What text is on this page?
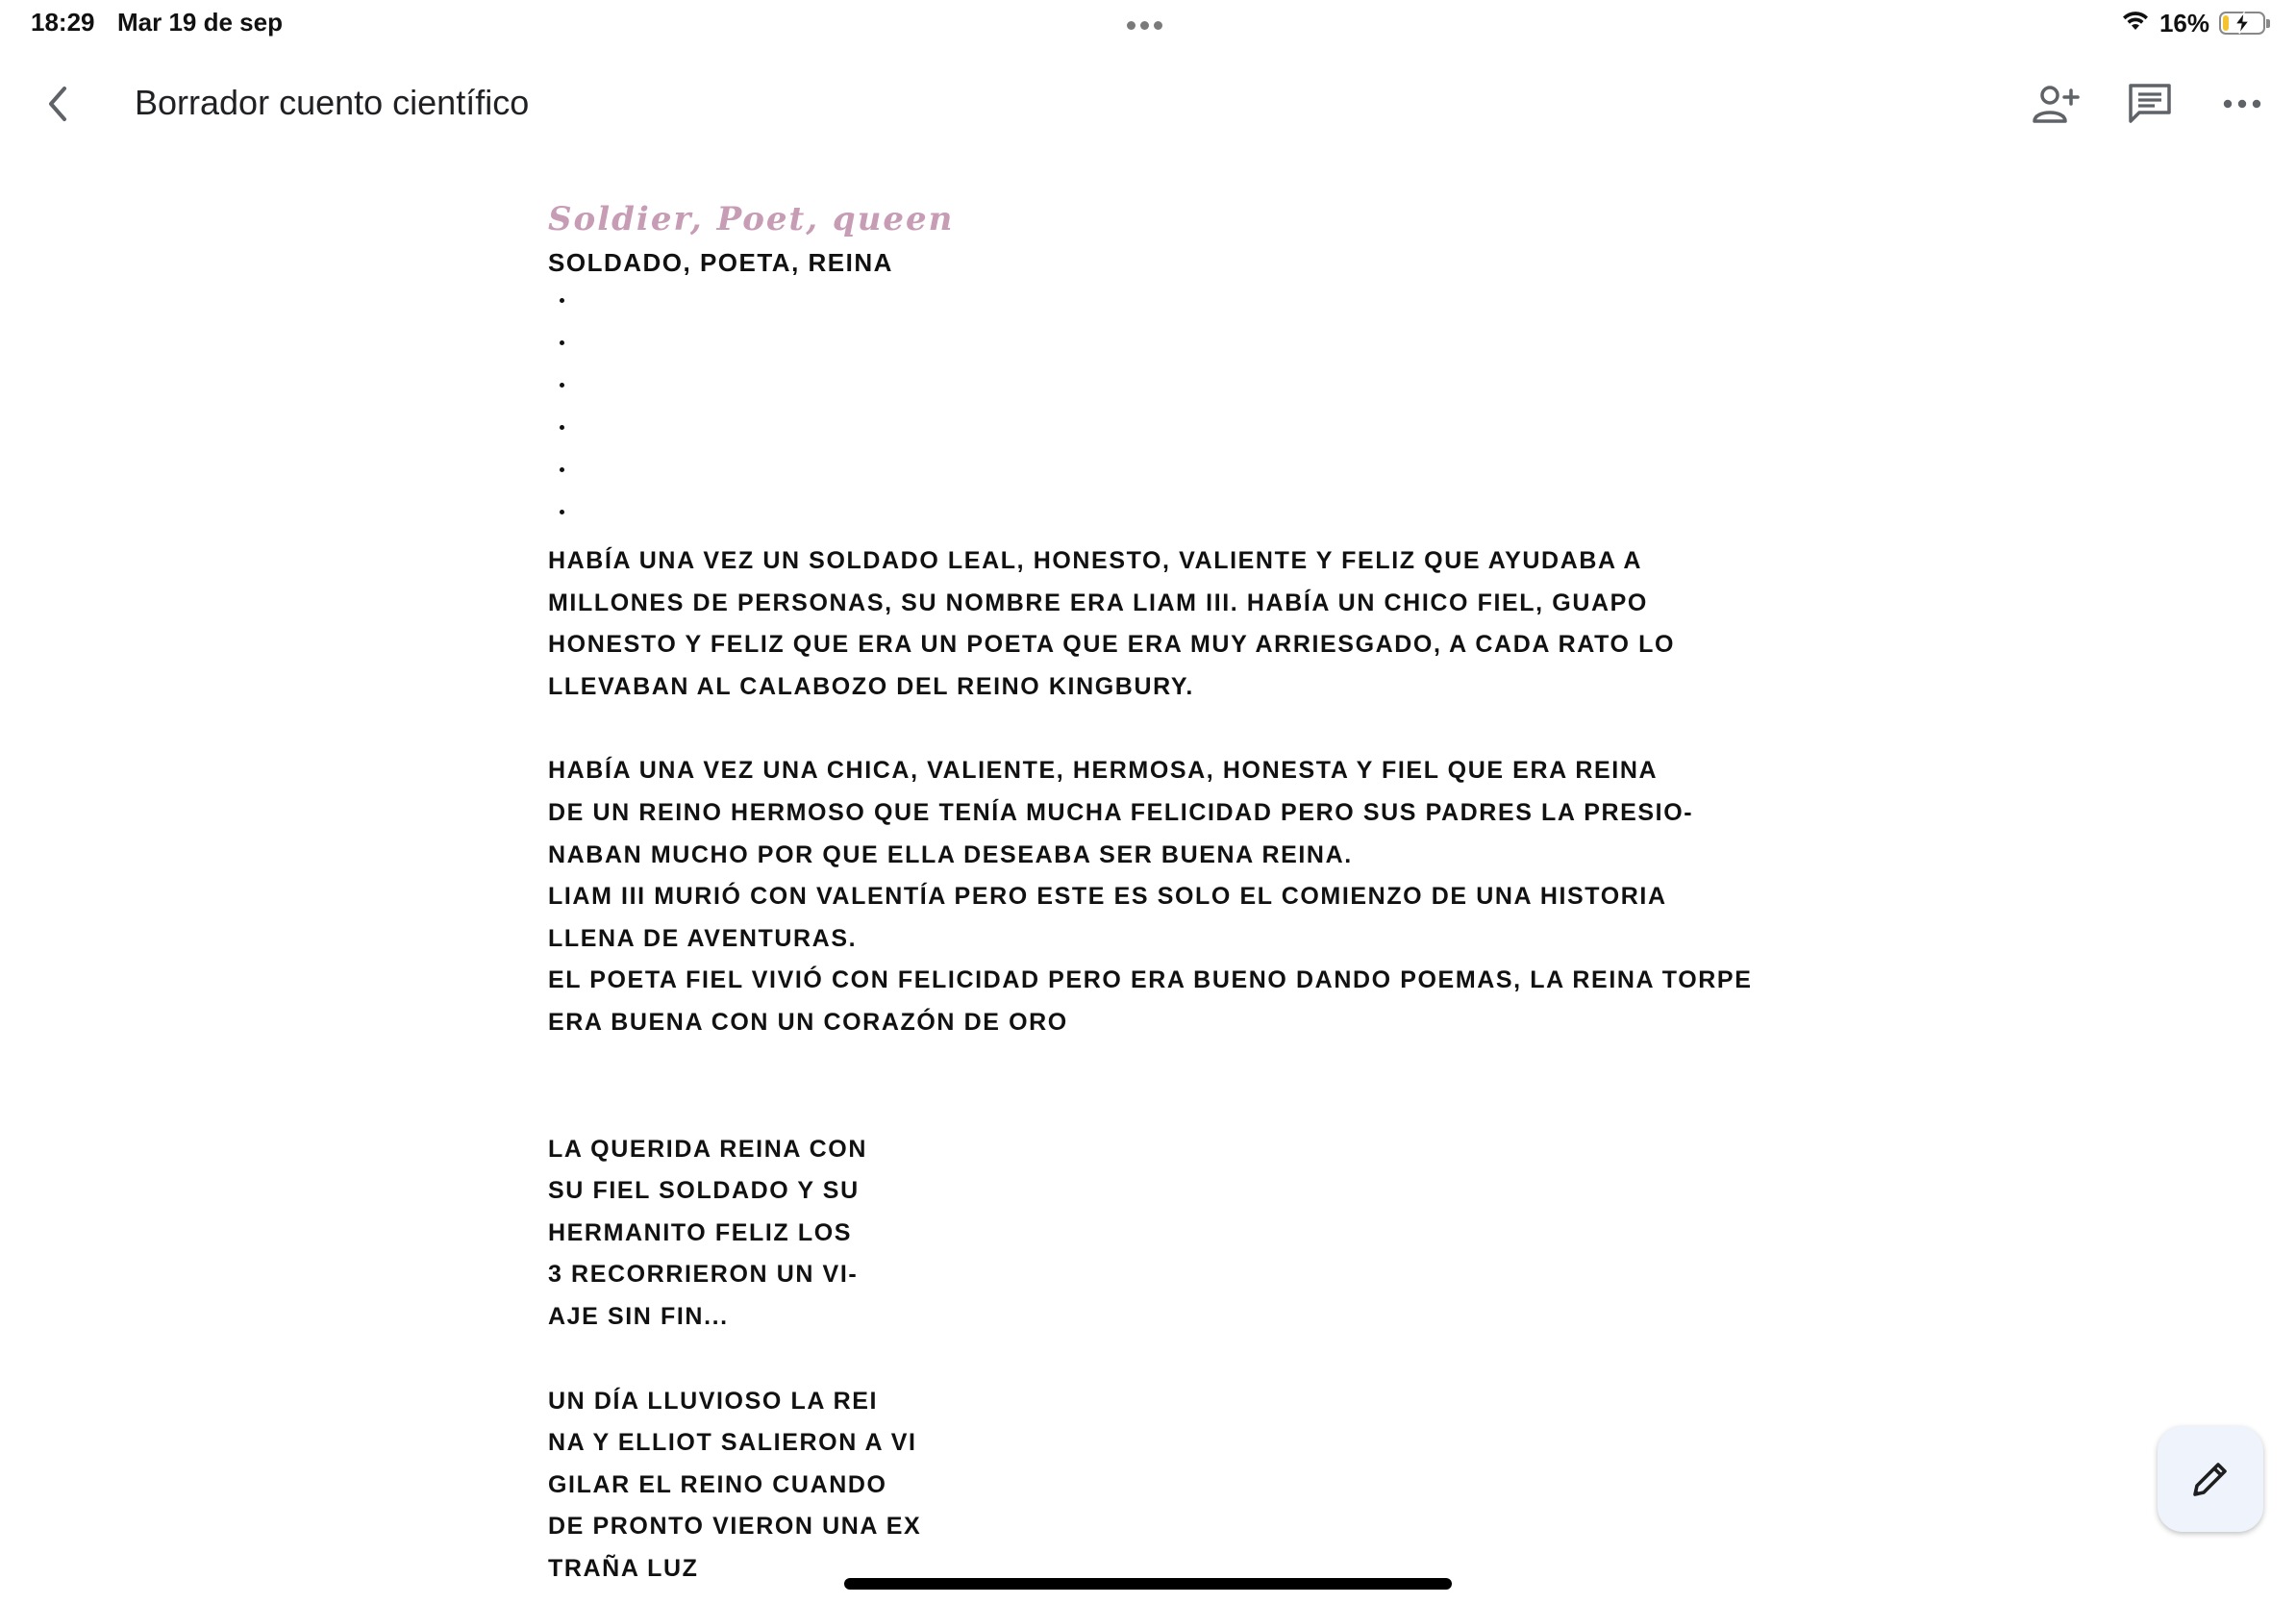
18:29 Mar 19 de sep	16%
Borrador cuento científico
Soldier, Poet, queen
SOLDADO, POETA, REINA

HABÍA UNA VEZ UN SOLDADO LEAL, HONESTO, VALIENTE Y FELIZ QUE AYUDABA A
MILLONES DE PERSONAS, SU NOMBRE ERA LIAM III. HABÍA UN CHICO FIEL, GUAPO
HONESTO Y FELIZ QUE ERA UN POETA QUE ERA MUY ARRIESGADO, A CADA RATO LO
LLEVABAN AL CALABOZO DEL REINO KINGBURY.

HABÍA UNA VEZ UNA CHICA, VALIENTE, HERMOSA, HONESTA Y FIEL QUE ERA REINA
DE UN REINO HERMOSO QUE TENÍA MUCHA FELICIDAD PERO SUS PADRES LA PRESIO-
NABAN MUCHO POR QUE ELLA DESEABA SER BUENA REINA.
LIAM III MURIÓ CON VALENTÍA PERO ESTE ES SOLO EL COMIENZO DE UNA HISTORIA
LLENA DE AVENTURAS.
EL POETA FIEL VIVIÓ CON FELICIDAD PERO ERA BUENO DANDO POEMAS, LA REINA TORPE
ERA BUENA CON UN CORAZÓN DE ORO

LA QUERIDA REINA CON
SU FIEL SOLDADO Y SU
HERMANITO FELIZ LOS
3 RECORRIERON UN VI-
AJE SIN FIN...

UN DÍA LLUVIOSO LA REI
NA Y ELLIOT SALIERON A VI
GILAR EL REINO CUANDO
DE PRONTO VIERON UNA EX
TRAÑA LUZ
